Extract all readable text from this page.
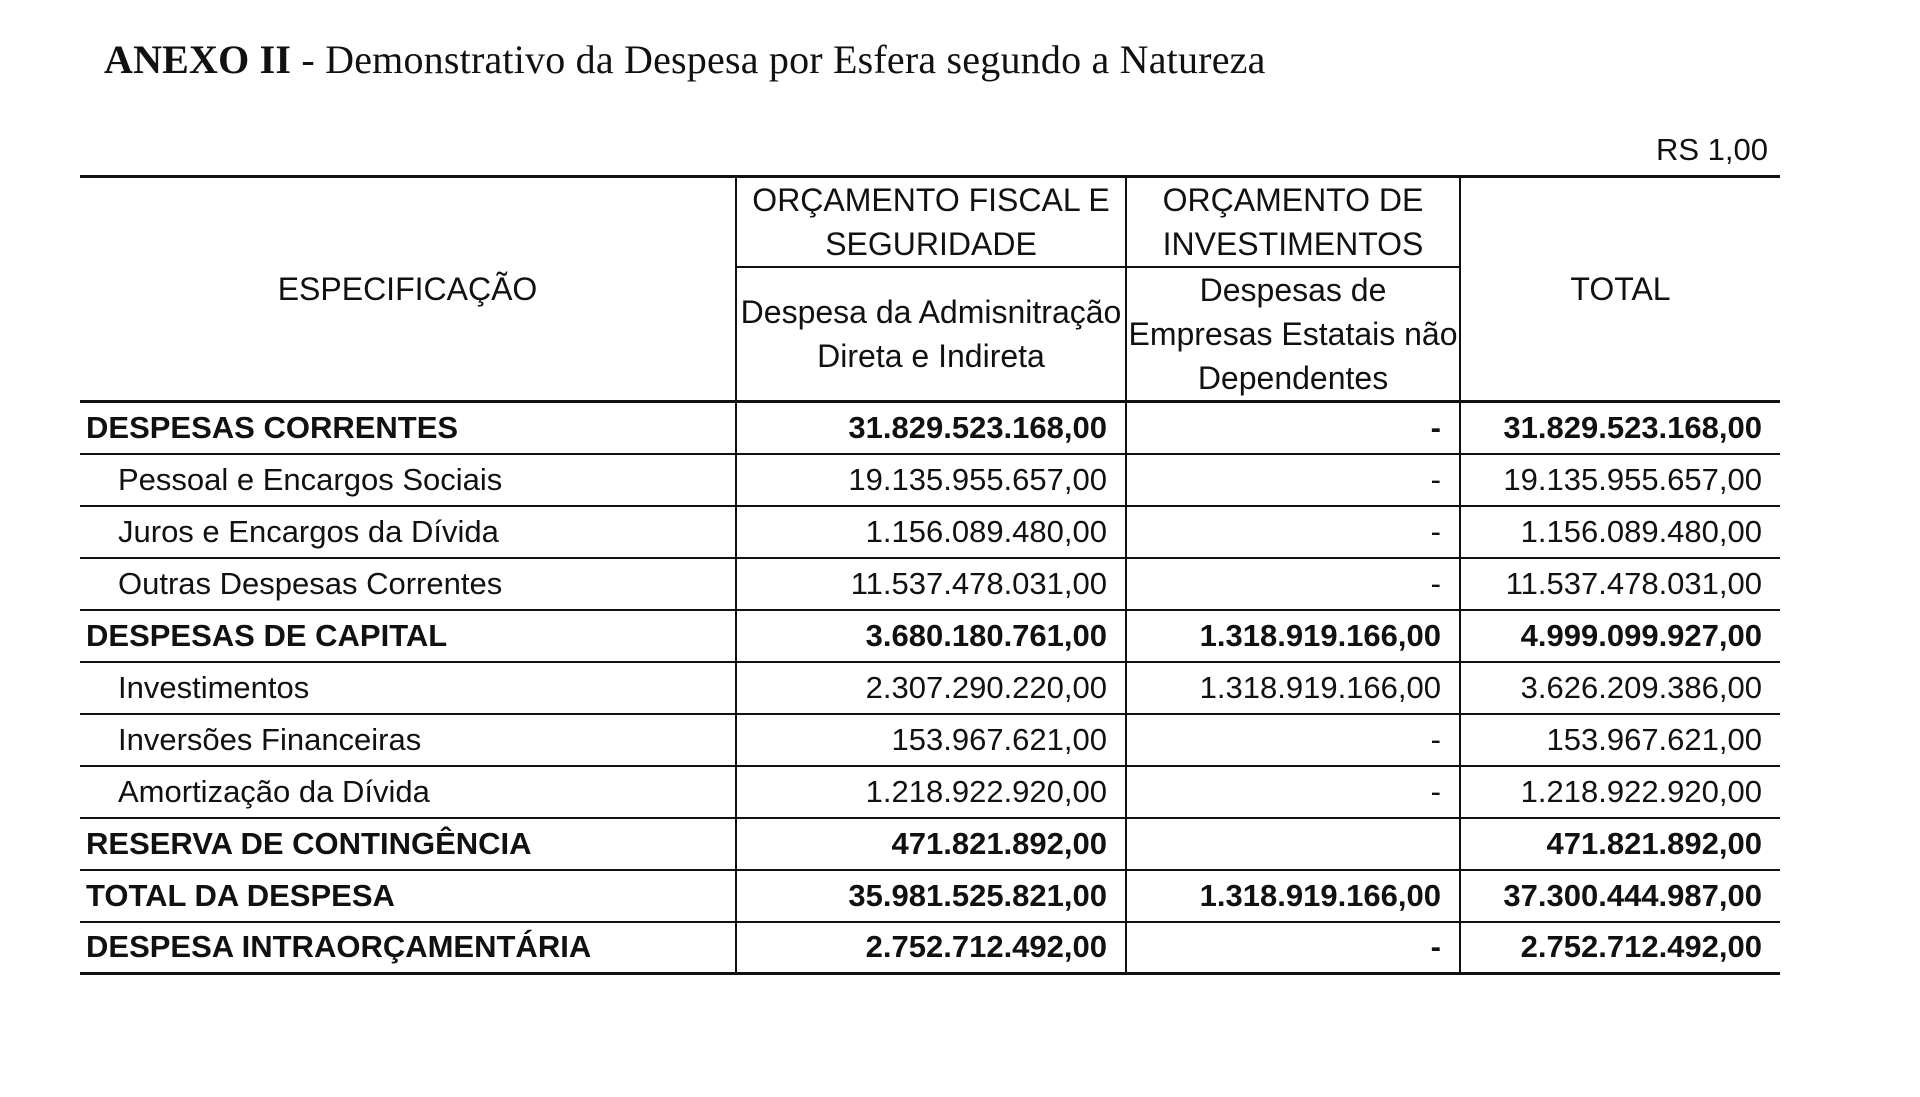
ANEXO II - Demonstrativo da Despesa por Esfera segundo a Natureza
RS 1,00
ESPECIFICAÇÃO	ORÇAMENTO FISCAL E SEGURIDADE	ORÇAMENTO DE INVESTIMENTOS	TOTAL
	Despesa da Admisnitração Direta e Indireta	Despesas de Empresas Estatais não Dependentes	
DESPESAS CORRENTES	31.829.523.168,00	-	31.829.523.168,00
Pessoal e Encargos Sociais	19.135.955.657,00	-	19.135.955.657,00
Juros e Encargos da Dívida	1.156.089.480,00	-	1.156.089.480,00
Outras Despesas Correntes	11.537.478.031,00	-	11.537.478.031,00
DESPESAS DE CAPITAL	3.680.180.761,00	1.318.919.166,00	4.999.099.927,00
Investimentos	2.307.290.220,00	1.318.919.166,00	3.626.209.386,00
Inversões Financeiras	153.967.621,00	-	153.967.621,00
Amortização da Dívida	1.218.922.920,00	-	1.218.922.920,00
RESERVA DE CONTINGÊNCIA	471.821.892,00		471.821.892,00
TOTAL DA DESPESA	35.981.525.821,00	1.318.919.166,00	37.300.444.987,00
DESPESA INTRAORÇAMENTÁRIA	2.752.712.492,00	-	2.752.712.492,00
